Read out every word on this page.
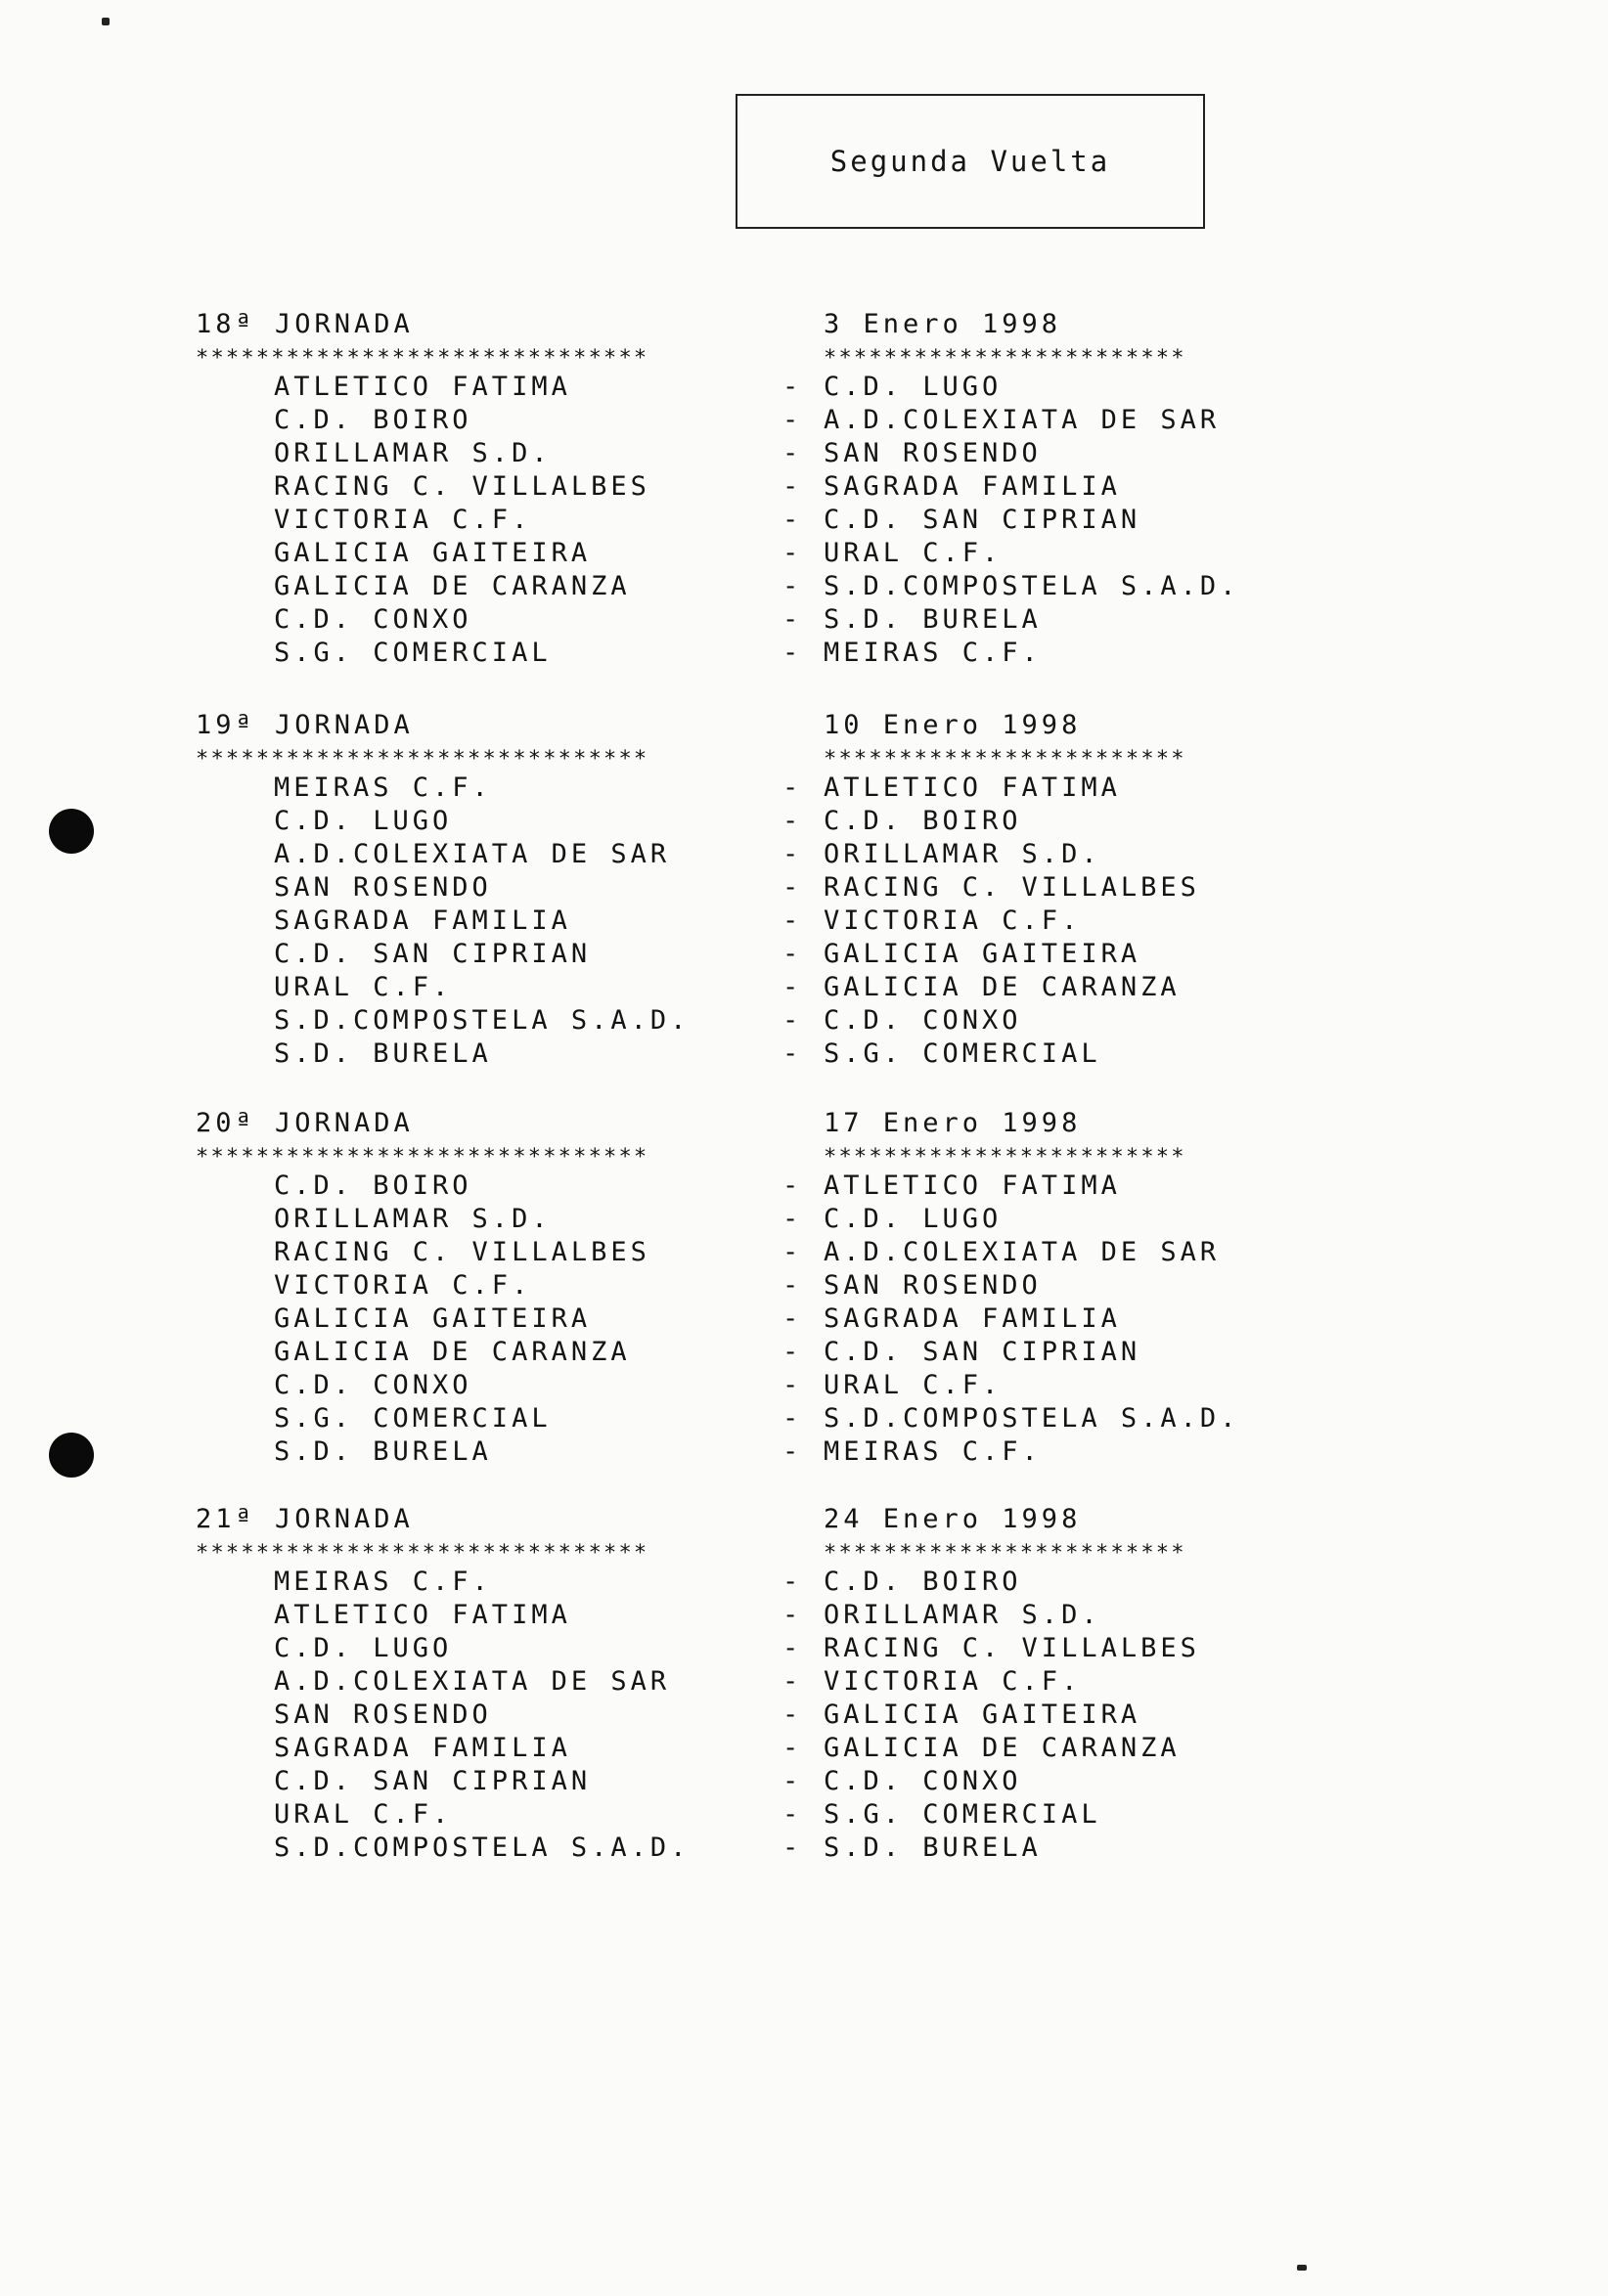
Segunda Vuelta
18ª JORNADA	3 Enero 1998
******************************	************************
ATLETICO FATIMA	- C.D. LUGO
C.D. BOIRO	- A.D.COLEXIATA DE SAR
ORILLAMAR S.D.	- SAN ROSENDO
RACING C. VILLALBES	- SAGRADA FAMILIA
VICTORIA C.F.	- C.D. SAN CIPRIAN
GALICIA GAITEIRA	- URAL C.F.
GALICIA DE CARANZA	- S.D.COMPOSTELA S.A.D.
C.D. CONXO	- S.D. BURELA
S.G. COMERCIAL	- MEIRAS C.F.
19ª JORNADA	10 Enero 1998
******************************	************************
MEIRAS C.F.	- ATLETICO FATIMA
C.D. LUGO	- C.D. BOIRO
A.D.COLEXIATA DE SAR	- ORILLAMAR S.D.
SAN ROSENDO	- RACING C. VILLALBES
SAGRADA FAMILIA	- VICTORIA C.F.
C.D. SAN CIPRIAN	- GALICIA GAITEIRA
URAL C.F.	- GALICIA DE CARANZA
S.D.COMPOSTELA S.A.D.	- C.D. CONXO
S.D. BURELA	- S.G. COMERCIAL
20ª JORNADA	17 Enero 1998
******************************	************************
C.D. BOIRO	- ATLETICO FATIMA
ORILLAMAR S.D.	- C.D. LUGO
RACING C. VILLALBES	- A.D.COLEXIATA DE SAR
VICTORIA C.F.	- SAN ROSENDO
GALICIA GAITEIRA	- SAGRADA FAMILIA
GALICIA DE CARANZA	- C.D. SAN CIPRIAN
C.D. CONXO	- URAL C.F.
S.G. COMERCIAL	- S.D.COMPOSTELA S.A.D.
S.D. BURELA	- MEIRAS C.F.
21ª JORNADA	24 Enero 1998
******************************	************************
MEIRAS C.F.	- C.D. BOIRO
ATLETICO FATIMA	- ORILLAMAR S.D.
C.D. LUGO	- RACING C. VILLALBES
A.D.COLEXIATA DE SAR	- VICTORIA C.F.
SAN ROSENDO	- GALICIA GAITEIRA
SAGRADA FAMILIA	- GALICIA DE CARANZA
C.D. SAN CIPRIAN	- C.D. CONXO
URAL C.F.	- S.G. COMERCIAL
S.D.COMPOSTELA S.A.D.	- S.D. BURELA
